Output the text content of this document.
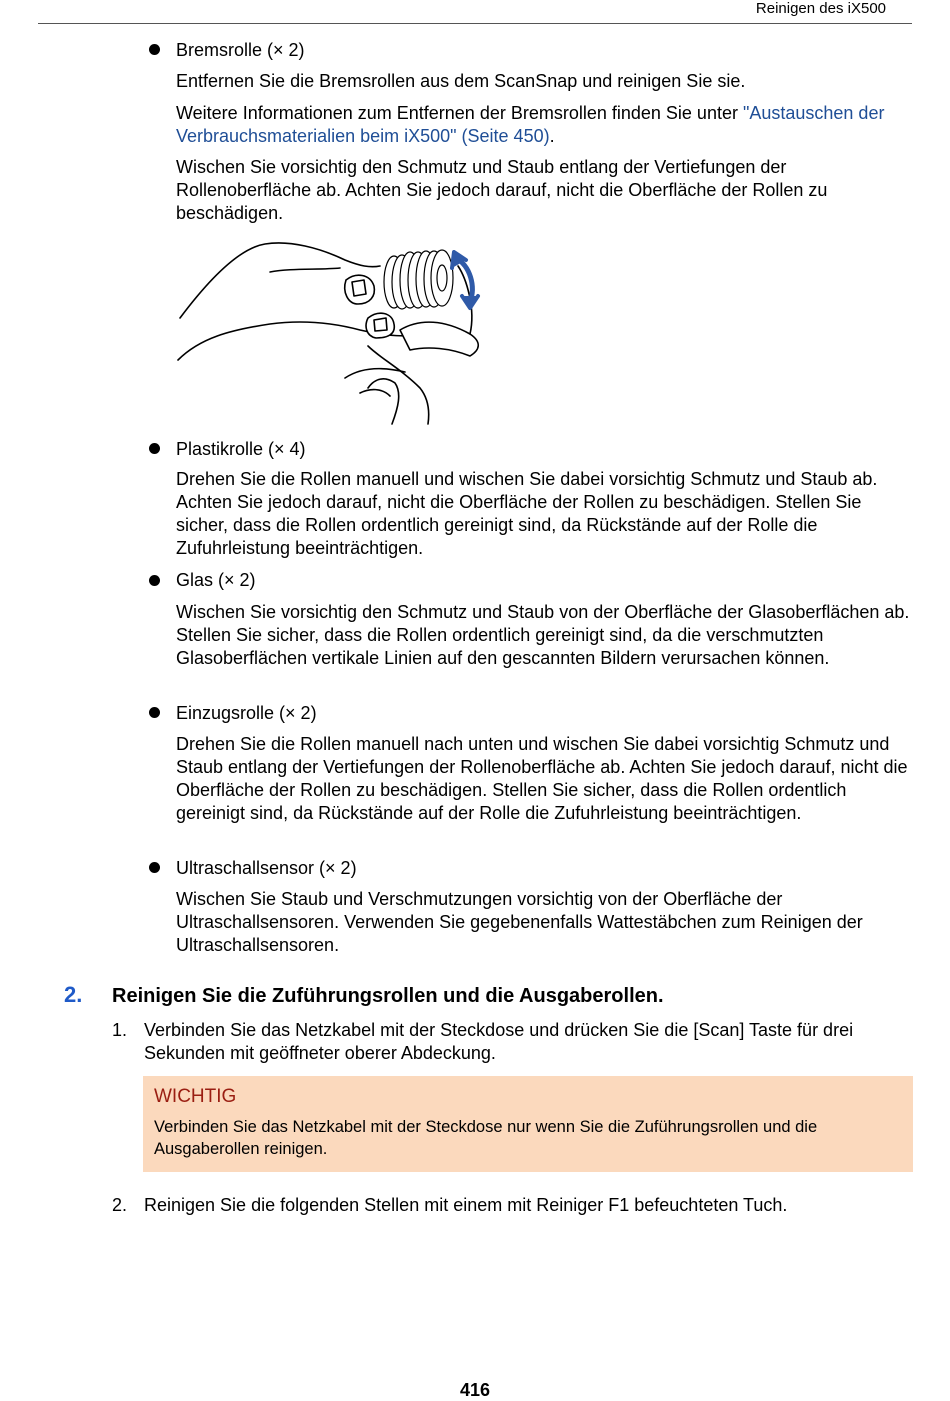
Reinigen des iX500

Bremsrolle (× 2)

Entfernen Sie die Bremsrollen aus dem ScanSnap und reinigen Sie sie.

Weitere Informationen zum Entfernen der Bremsrollen finden Sie unter "Austauschen der Verbrauchsmaterialien beim iX500" (Seite 450).

Wischen Sie vorsichtig den Schmutz und Staub entlang der Vertiefungen der Rollenoberfläche ab. Achten Sie jedoch darauf, nicht die Oberfläche der Rollen zu beschädigen.

Plastikrolle (× 4)

Drehen Sie die Rollen manuell und wischen Sie dabei vorsichtig Schmutz und Staub ab. Achten Sie jedoch darauf, nicht die Oberfläche der Rollen zu beschädigen. Stellen Sie sicher, dass die Rollen ordentlich gereinigt sind, da Rückstände auf der Rolle die Zufuhrleistung beeinträchtigen.

Glas (× 2)

Wischen Sie vorsichtig den Schmutz und Staub von der Oberfläche der Glasoberflächen ab. Stellen Sie sicher, dass die Rollen ordentlich gereinigt sind, da die verschmutzten Glasoberflächen vertikale Linien auf den gescannten Bildern verursachen können.

Einzugsrolle (× 2)

Drehen Sie die Rollen manuell nach unten und wischen Sie dabei vorsichtig Schmutz und Staub entlang der Vertiefungen der Rollenoberfläche ab. Achten Sie jedoch darauf, nicht die Oberfläche der Rollen zu beschädigen. Stellen Sie sicher, dass die Rollen ordentlich gereinigt sind, da Rückstände auf der Rolle die Zufuhrleistung beeinträchtigen.

Ultraschallsensor (× 2)

Wischen Sie Staub und Verschmutzungen vorsichtig von der Oberfläche der Ultraschallsensoren. Verwenden Sie gegebenenfalls Wattestäbchen zum Reinigen der Ultraschallsensoren.

2. Reinigen Sie die Zuführungsrollen und die Ausgaberollen.
1. Verbinden Sie das Netzkabel mit der Steckdose und drücken Sie die [Scan] Taste für drei Sekunden mit geöffneter oberer Abdeckung.

WICHTIG

Verbinden Sie das Netzkabel mit der Steckdose nur wenn Sie die Zuführungsrollen und die Ausgaberollen reinigen.

2. Reinigen Sie die folgenden Stellen mit einem mit Reiniger F1 befeuchteten Tuch.

416
